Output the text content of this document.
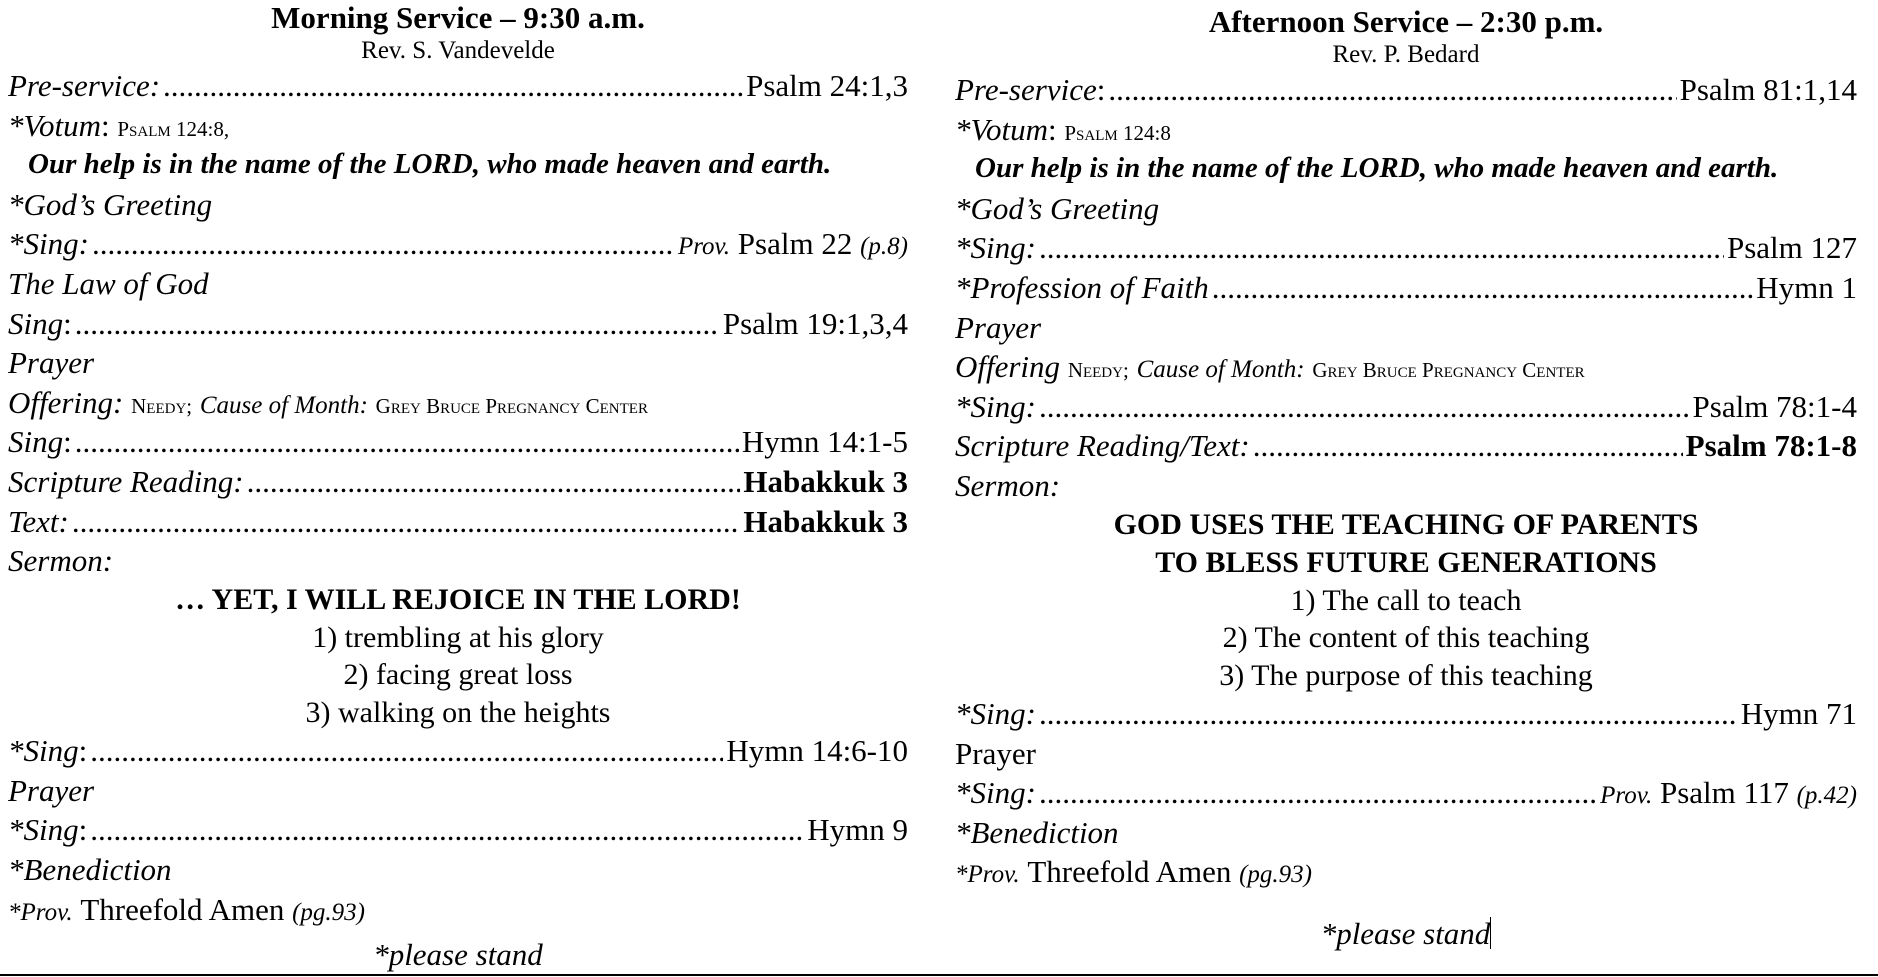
Morning Service – 9:30 a.m.
Rev. S. Vandevelde
Pre-service: .....	Psalm 24:1,3
*Votum :
Psalm 124:8,
Our help is in the name of the LORD, who made heaven and earth.
*God’s Greeting
*Sing: .....	Prov. Psalm 22 (p.8)
The Law of God
Sing : .....	Psalm 19:1,3,4
Prayer
Offering:
Needy;
Cause of Month:
Grey Bruce Pregnancy Center
Sing : .....	Hymn 14:1-5
Scripture Reading: .....	Habakkuk 3
Text: .....	Habakkuk 3
Sermon:
… YET, I WILL REJOICE IN THE LORD!
1) trembling at his glory
2) facing great loss
3) walking on the heights
*Sing : .....	Hymn 14:6-10
Prayer
*Sing : .....	Hymn 9
*Benediction
*Prov.
Threefold Amen
(pg.93)
*please stand
Afternoon Service – 2:30 p.m.
Rev. P. Bedard
Pre-service : .....	Psalm 81:1,14
*Votum :
Psalm 124:8
Our help is in the name of the LORD, who made heaven and earth.
*God’s Greeting
*Sing: .....	Psalm 127
*Profession of Faith .....	Hymn 1
Prayer
Offering
Needy;
Cause of Month:
Grey Bruce Pregnancy Center
*Sing: .....	Psalm 78:1-4
Scripture Reading/Text: .....	Psalm 78:1-8
Sermon:
GOD USES THE TEACHING OF PARENTS
TO BLESS FUTURE GENERATIONS
1) The call to teach
2) The content of this teaching
3) The purpose of this teaching
*Sing: .....	Hymn 71
Prayer
*Sing: .....	Prov. Psalm 117 (p.42)
*Benediction
*Prov.
Threefold Amen
(pg.93)
*please stand
